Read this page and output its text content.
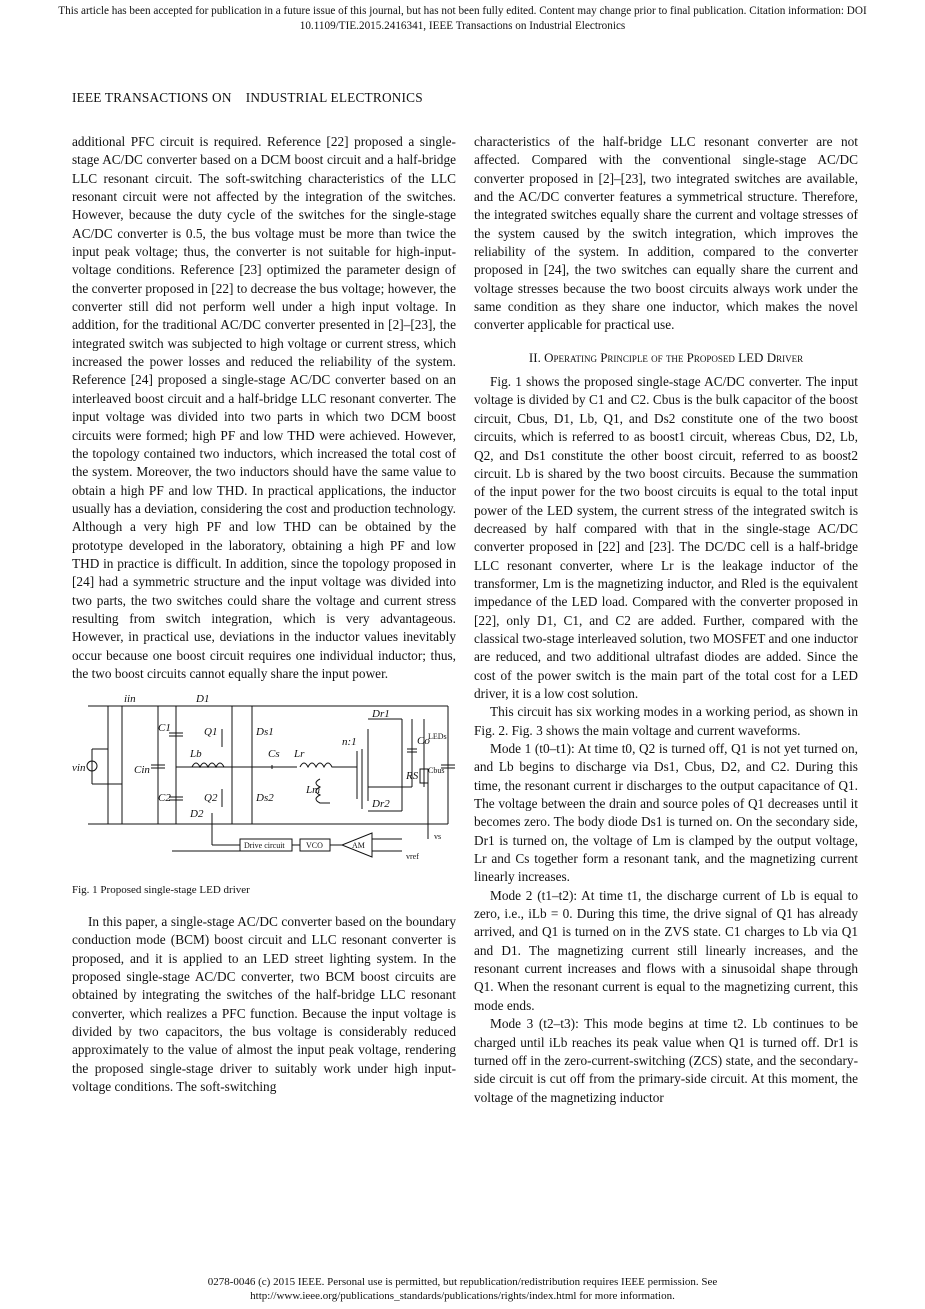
This article has been accepted for publication in a future issue of this journal, but has not been fully edited. Content may change prior to final publication. Citation information: DOI
10.1109/TIE.2015.2416341, IEEE Transactions on Industrial Electronics
IEEE TRANSACTIONS ON    INDUSTRIAL ELECTRONICS

additional PFC circuit is required. Reference [22] proposed a single-stage AC/DC converter based on a DCM boost circuit and a half-bridge LLC resonant circuit. The soft-switching characteristics of the LLC resonant circuit were not affected by the integration of the switches. However, because the duty cycle of the switches for the single-stage AC/DC converter is 0.5, the bus voltage must be more than twice the input peak voltage; thus, the converter is not suitable for high-input-voltage conditions. Reference [23] optimized the parameter design of the converter proposed in [22] to decrease the bus voltage; however, the converter still did not perform well under a high input voltage. In addition, for the traditional AC/DC converter presented in [2]–[23], the integrated switch was subjected to high voltage or current stress, which increased the power losses and reduced the reliability of the system. Reference [24] proposed a single-stage AC/DC converter based on an interleaved boost circuit and a half-bridge LLC resonant converter. The input voltage was divided into two parts in which two DCM boost circuits were formed; high PF and low THD were achieved. However, the topology contained two inductors, which increased the total cost of the system. Moreover, the two inductors should have the same value to obtain a high PF and low THD. In practical applications, the inductor usually has a deviation, considering the cost and production technology. Although a very high PF and low THD can be obtained by the prototype developed in the laboratory, obtaining a high PF and low THD in practice is difficult. In addition, since the topology proposed in [24] had a symmetric structure and the input voltage was divided into two parts, the two switches could share the voltage and current stress resulting from switch integration, which is very advantageous. However, in practical use, deviations in the inductor values inevitably occur because one boost circuit requires one individual inductor; thus, the two boost circuits cannot equally share the input power.

iin	D1
Q1	Ds1
Dr1
C1
Cs Lr
n:1	Co
LEDs
Cin
Lb
RS Cbus
vin
C2	Q2	Ds2
Lm
Dr2
D2
vs
vref
AM
Drive circuit	VCO

Fig. 1 Proposed single-stage LED driver

In this paper, a single-stage AC/DC converter based on the boundary conduction mode (BCM) boost circuit and LLC resonant converter is proposed, and it is applied to an LED street lighting system. In the proposed single-stage AC/DC converter, two BCM boost circuits are obtained by integrating the switches of the half-bridge LLC resonant converter, which realizes a PFC function. Because the input voltage is divided by two capacitors, the bus voltage is considerably reduced approximately to the value of almost the input peak voltage, rendering the proposed single-stage driver to suitably work under high input-voltage conditions. The soft-switching

characteristics of the half-bridge LLC resonant converter are not affected. Compared with the conventional single-stage AC/DC converter proposed in [2]–[23], two integrated switches are available, and the AC/DC converter features a symmetrical structure. Therefore, the integrated switches equally share the current and voltage stresses of the system caused by the switch integration, which improves the reliability of the system. In addition, compared to the converter proposed in [24], the two switches can equally share the current and voltage stresses because the two boost circuits always work under the same condition as they share one inductor, which makes the novel converter applicable for practical use.

II. Operating Principle of the Proposed LED Driver

Fig. 1 shows the proposed single-stage AC/DC converter. The input voltage is divided by C1 and C2. Cbus is the bulk capacitor of the boost circuit, Cbus, D1, Lb, Q1, and Ds2 constitute one of the two boost circuits, which is referred to as boost1 circuit, whereas Cbus, D2, Lb, Q2, and Ds1 constitute the other boost circuit, referred to as boost2 circuit. Lb is shared by the two boost circuits. Because the summation of the input power for the two boost circuits is equal to the total input power of the LED system, the current stress of the integrated switch is decreased by half compared with that in the single-stage AC/DC converter proposed in [22] and [23]. The DC/DC cell is a half-bridge LLC resonant converter, where Lr is the leakage inductor of the transformer, Lm is the magnetizing inductor, and Rled is the equivalent impedance of the LED load. Compared with the converter proposed in [22], only D1, C1, and C2 are added. Further, compared with the classical two-stage interleaved solution, two MOSFET and one inductor are reduced, and two additional ultrafast diodes are added. Since the cost of the power switch is the main part of the total cost for a LED driver, it is a low cost solution.

This circuit has six working modes in a working period, as shown in Fig. 2. Fig. 3 shows the main voltage and current waveforms.

Mode 1 (t0–t1): At time t0, Q2 is turned off, Q1 is not yet turned on, and Lb begins to discharge via Ds1, Cbus, D2, and C2. During this time, the resonant current ir discharges to the output capacitance of Q1. The voltage between the drain and source poles of Q1 decreases until it becomes zero. The body diode Ds1 is turned on. On the secondary side, Dr1 is turned on, the voltage of Lm is clamped by the output voltage, Lr and Cs together form a resonant tank, and the magnetizing current linearly increases.

Mode 2 (t1–t2): At time t1, the discharge current of Lb is equal to zero, i.e., iLb = 0. During this time, the drive signal of Q1 has already arrived, and Q1 is turned on in the ZVS state. C1 charges to Lb via Q1 and D1. The magnetizing current still linearly increases, and the resonant current increases and flows with a sinusoidal shape through Q1. When the resonant current is equal to the magnetizing current, this mode ends.

Mode 3 (t2–t3): This mode begins at time t2. Lb continues to be charged until iLb reaches its peak value when Q1 is turned off. Dr1 is turned off in the zero-current-switching (ZCS) state, and the secondary-side circuit is cut off from the primary-side circuit. At this moment, the voltage of the magnetizing inductor

0278-0046 (c) 2015 IEEE. Personal use is permitted, but republication/redistribution requires IEEE permission. See
http://www.ieee.org/publications_standards/publications/rights/index.html for more information.
